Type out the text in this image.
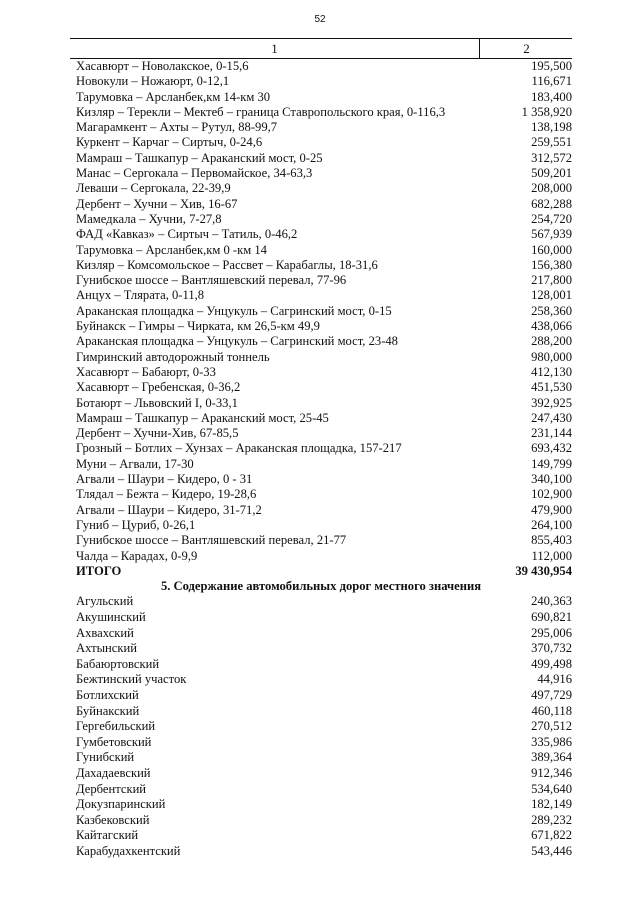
52
1	2
Хасавюрт – Новолакское, 0-15,6	195,500
Новокули – Ножаюрт, 0-12,1	116,671
Тарумовка – Арсланбек,км 14-км 30	183,400
Кизляр – Терекли – Мектеб – граница Ставропольского края, 0-116,3	1 358,920
Магарамкент – Ахты – Рутул, 88-99,7	138,198
Куркент – Карчаг – Сиртыч, 0-24,6	259,551
Мамраш – Ташкапур – Араканский мост, 0-25	312,572
Манас – Сергокала – Первомайское, 34-63,3	509,201
Леваши – Сергокала, 22-39,9	208,000
Дербент – Хучни – Хив, 16-67	682,288
Мамедкала – Хучни, 7-27,8	254,720
ФАД «Кавказ» – Сиртыч – Татиль, 0-46,2	567,939
Тарумовка – Арсланбек,км 0 -км 14	160,000
Кизляр – Комсомольское – Рассвет – Карабаглы, 18-31,6	156,380
Гунибское шоссе – Вантляшевский перевал, 77-96	217,800
Анцух – Тлярата, 0-11,8	128,001
Араканская площадка – Унцукуль – Сагринский мост, 0-15	258,360
Буйнакск – Гимры – Чирката, км 26,5-км 49,9	438,066
Араканская площадка – Унцукуль – Сагринский мост, 23-48	288,200
Гимринский автодорожный тоннель	980,000
Хасавюрт – Бабаюрт, 0-33	412,130
Хасавюрт – Гребенская, 0-36,2	451,530
Ботаюрт – Львовский I, 0-33,1	392,925
Мамраш – Ташкапур – Араканский мост, 25-45	247,430
Дербент – Хучни-Хив, 67-85,5	231,144
Грозный – Ботлих – Хунзах – Араканская площадка, 157-217	693,432
Муни – Агвали, 17-30	149,799
Агвали – Шаури – Кидеро, 0 - 31	340,100
Тлядал – Бежта – Кидеро, 19-28,6	102,900
Агвали – Шаури – Кидеро, 31-71,2	479,900
Гуниб – Цуриб, 0-26,1	264,100
Гунибское шоссе – Вантляшевский перевал, 21-77	855,403
Чалда – Карадах, 0-9,9	112,000
ИТОГО	39 430,954
5. Содержание автомобильных дорог местного значения
Агульский	240,363
Акушинский	690,821
Ахвахский	295,006
Ахтынский	370,732
Бабаюртовский	499,498
Бежтинский участок	44,916
Ботлихский	497,729
Буйнакский	460,118
Гергебильский	270,512
Гумбетовский	335,986
Гунибский	389,364
Дахадаевский	912,346
Дербентский	534,640
Докузпаринский	182,149
Казбековский	289,232
Кайтагский	671,822
Карабудахкентский	543,446
